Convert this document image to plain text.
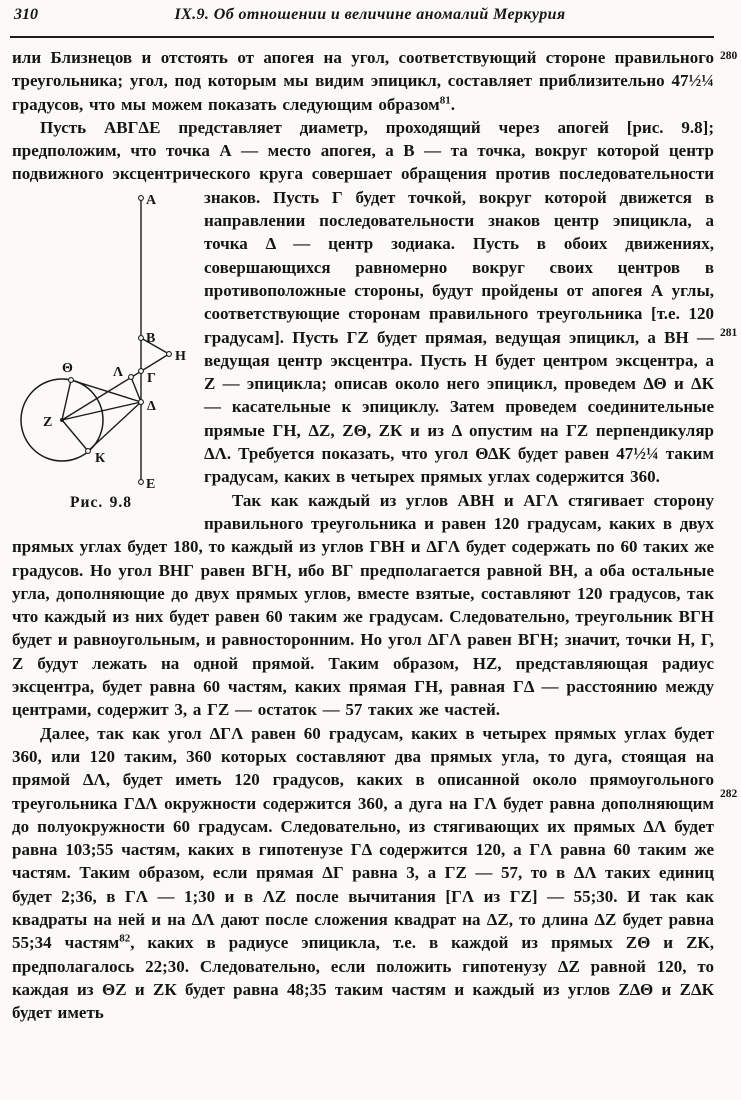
310	IX.9. Об отношении и величине аномалий Меркурия
280
281
282

или Близнецов и отстоять от апогея на угол, соответствующий стороне правильного треугольника; угол, под которым мы видим эпицикл, составляет приблизительно 47½¼ градусов, что мы можем показать следующим образом$^{81}$.

Пусть АВГΔЕ представляет диаметр, проходящий через апогей [рис. 9.8]; предположим, что точка А — место апогея, а В — та точка, вокруг которой центр подвижного эксцентрического круга совершает обращения против последовательности знаков. Пусть Г будет точкой, вокруг
А
В
Н
Г
Λ
Δ
Е
Z
Θ
К
Рис. 9.8
которой движется в направлении последовательности знаков центр эпицикла, а точка Δ — центр зодиака. Пусть в обоих движениях, совершающихся равномерно вокруг своих центров в противоположные стороны, будут пройдены от апогея А углы, соответствующие сторонам правильного треугольника [т.е. 120 градусам]. Пусть ГZ будет прямая, ведущая эпицикл, а ВН — ведущая центр эксцентра. Пусть Н будет центром эксцентра, а Z — эпицикла; описав около него эпицикл, проведем ΔΘ и ΔК — касательные к эпициклу. Затем проведем соединительные прямые ГН, ΔZ, ZΘ, ZК и из Δ опустим на ГZ перпендикуляр ΔΛ. Требуется показать, что угол ΘΔК будет равен 47½¼ таким градусам, каких в четырех прямых углах содержится 360.

Так как каждый из углов АВН и АГΛ стягивает сторону правильного треугольника и равен 120 градусам, каких в двух прямых углах будет 180, то каждый из углов ГВН и ΔГΛ будет содержать по 60 таких же градусов. Но угол ВНГ равен ВГН, ибо ВГ предполагается равной ВН, а оба остальные угла, дополняющие до двух прямых углов, вместе взятые, составляют 120 градусов, так что каждый из них будет равен 60 таким же градусам. Следовательно, треугольник ВГН будет и равноугольным, и равносторонним. Но угол ΔГΛ равен ВГН; значит, точки Н, Г, Z будут лежать на одной прямой. Таким образом, HZ, представляющая радиус эксцентра, будет равна 60 частям, каких прямая ГН, равная ГΔ — расстоянию между центрами, содержит 3, а ГZ — остаток — 57 таких же частей.

Далее, так как угол ΔГΛ равен 60 градусам, каких в четырех прямых углах будет 360, или 120 таким, 360 которых составляют два прямых угла, то дуга, стоящая на прямой ΔΛ, будет иметь 120 градусов, каких в описанной около прямоугольного треугольника ГΔΛ окружности содержится 360, а дуга на ГΛ будет равна дополняющим до полуокружности 60 градусам. Следовательно, из стягивающих их прямых ΔΛ будет равна 103;55 частям, каких в гипотенузе ГΔ содержится 120, а ГΛ равна 60 таким же частям. Таким образом, если прямая ΔГ равна 3, а ГZ — 57, то в ΔΛ таких единиц будет 2;36, в ГΛ — 1;30 и в ΛZ после вычитания [ГΛ из ГZ] — 55;30. И так как квадраты на ней и на ΔΛ дают после сложения квадрат на ΔZ, то длина ΔZ будет равна 55;34 частям$^{82}$, каких в радиусе эпицикла, т.е. в каждой из прямых ZΘ и ZК, предполагалось 22;30. Следовательно, если положить гипотенузу ΔZ равной 120, то каждая из ΘZ и ZК будет равна 48;35 таким частям и каждый из углов ZΔΘ и ZΔК будет иметь
